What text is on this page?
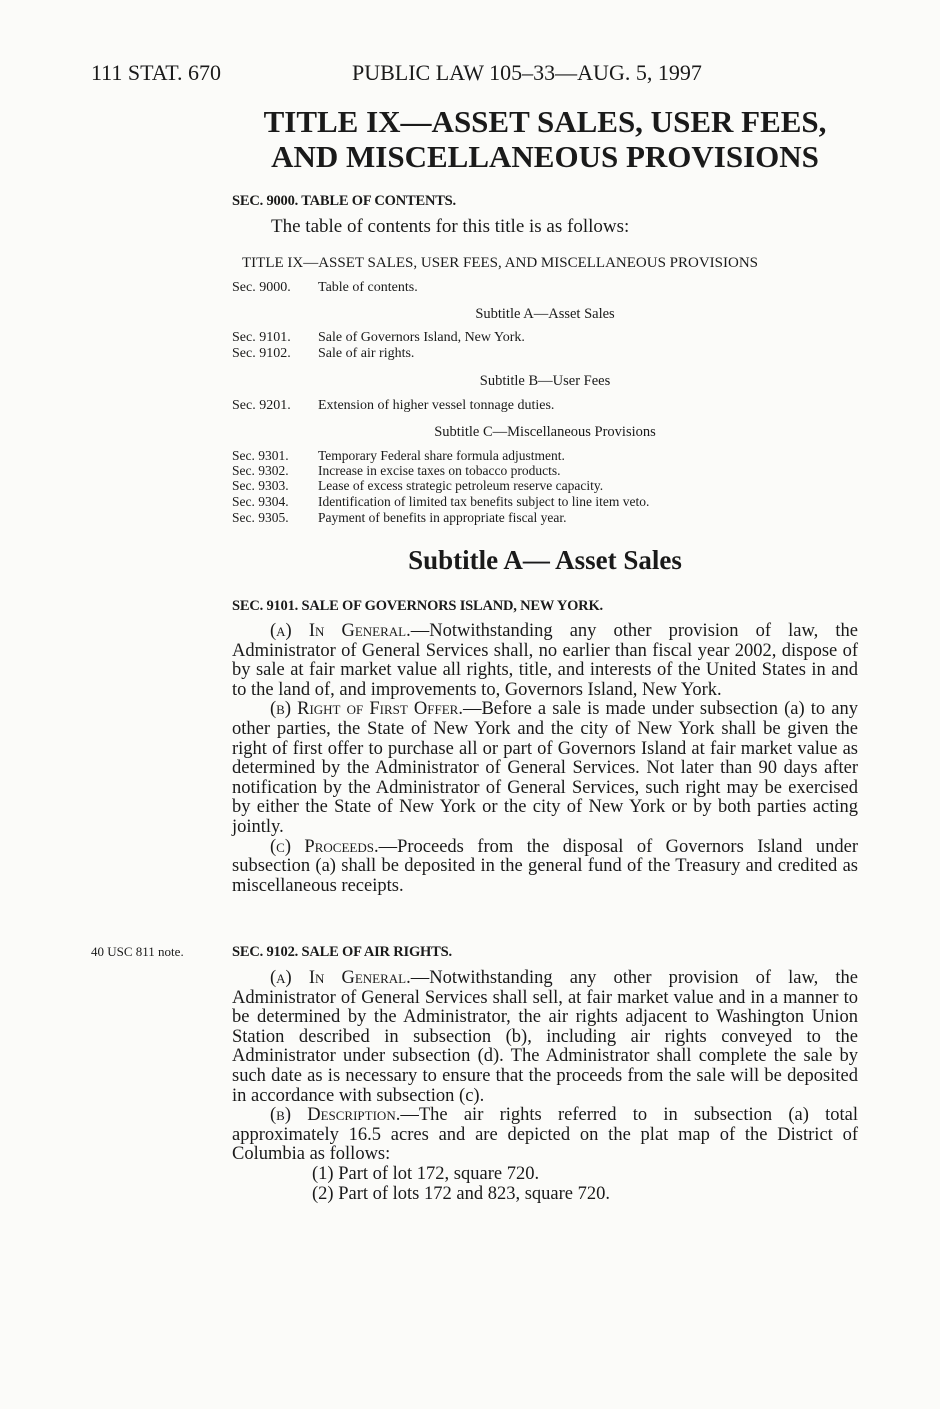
111 STAT. 670	PUBLIC LAW 105–33—AUG. 5, 1997
TITLE IX—ASSET SALES, USER FEES,
AND MISCELLANEOUS PROVISIONS
SEC. 9000. TABLE OF CONTENTS.
The table of contents for this title is as follows:
TITLE IX—ASSET SALES, USER FEES, AND MISCELLANEOUS PROVISIONS
Sec. 9000. Table of contents.
Subtitle A—Asset Sales
Sec. 9101. Sale of Governors Island, New York.
Sec. 9102. Sale of air rights.
Subtitle B—User Fees
Sec. 9201. Extension of higher vessel tonnage duties.
Subtitle C—Miscellaneous Provisions
Sec. 9301. Temporary Federal share formula adjustment.
Sec. 9302. Increase in excise taxes on tobacco products.
Sec. 9303. Lease of excess strategic petroleum reserve capacity.
Sec. 9304. Identification of limited tax benefits subject to line item veto.
Sec. 9305. Payment of benefits in appropriate fiscal year.
Subtitle A— Asset Sales
SEC. 9101. SALE OF GOVERNORS ISLAND, NEW YORK.

(a) In General.—Notwithstanding any other provision of law, the Administrator of General Services shall, no earlier than fiscal year 2002, dispose of by sale at fair market value all rights, title, and interests of the United States in and to the land of, and improvements to, Governors Island, New York.

(b) Right of First Offer.—Before a sale is made under subsection (a) to any other parties, the State of New York and the city of New York shall be given the right of first offer to purchase all or part of Governors Island at fair market value as determined by the Administrator of General Services. Not later than 90 days after notification by the Administrator of General Services, such right may be exercised by either the State of New York or the city of New York or by both parties acting jointly.

(c) Proceeds.—Proceeds from the disposal of Governors Island under subsection (a) shall be deposited in the general fund of the Treasury and credited as miscellaneous receipts.

40 USC 811 note.	SEC. 9102. SALE OF AIR RIGHTS.

(a) In General.—Notwithstanding any other provision of law, the Administrator of General Services shall sell, at fair market value and in a manner to be determined by the Administrator, the air rights adjacent to Washington Union Station described in subsection (b), including air rights conveyed to the Administrator under subsection (d). The Administrator shall complete the sale by such date as is necessary to ensure that the proceeds from the sale will be deposited in accordance with subsection (c).

(b) Description.—The air rights referred to in subsection (a) total approximately 16.5 acres and are depicted on the plat map of the District of Columbia as follows:

(1) Part of lot 172, square 720.

(2) Part of lots 172 and 823, square 720.
